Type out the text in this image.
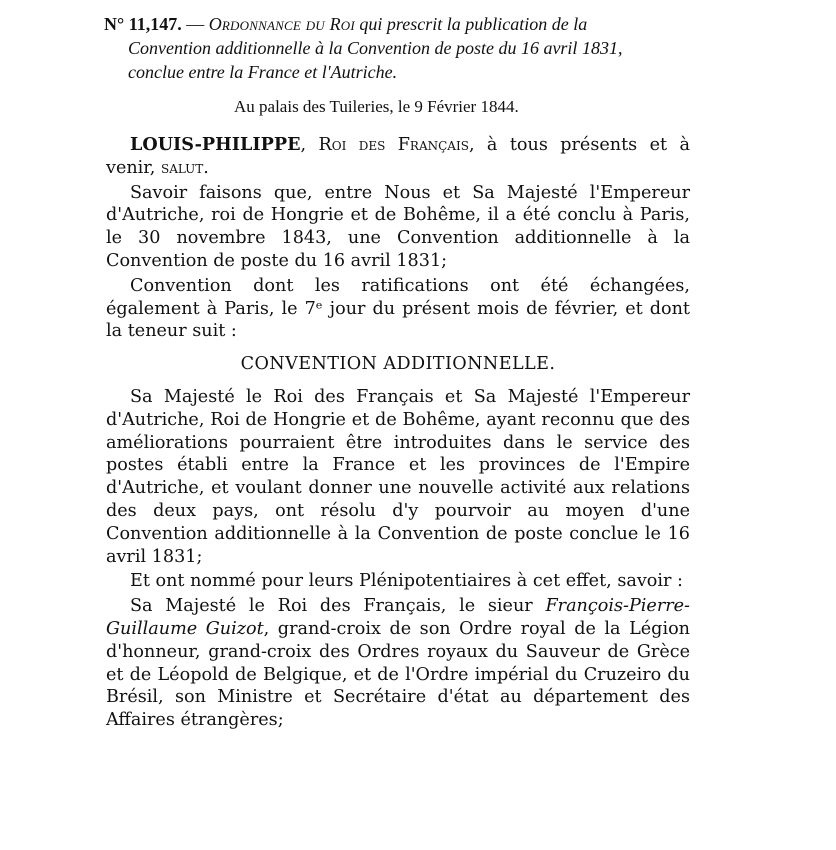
N° 11,147. — Ordonnance du Roi qui prescrit la publication de la
Convention additionnelle à la Convention de poste du 16 avril 1831,
conclue entre la France et l'Autriche.
Au palais des Tuileries, le 9 Février 1844.

LOUIS-PHILIPPE, Roi des Français, à tous présents et à venir, salut.

Savoir faisons que, entre Nous et Sa Majesté l'Empereur d'Autriche, roi de Hongrie et de Bohême, il a été conclu à Paris, le 30 novembre 1843, une Convention additionnelle à la Convention de poste du 16 avril 1831;

Convention dont les ratifications ont été échangées, également à Paris, le 7ᵉ jour du présent mois de février, et dont la teneur suit :

CONVENTION ADDITIONNELLE.

Sa Majesté le Roi des Français et Sa Majesté l'Empereur d'Autriche, Roi de Hongrie et de Bohême, ayant reconnu que des améliorations pourraient être introduites dans le service des postes établi entre la France et les provinces de l'Empire d'Autriche, et voulant donner une nouvelle activité aux relations des deux pays, ont résolu d'y pourvoir au moyen d'une Convention additionnelle à la Convention de poste conclue le 16 avril 1831;

Et ont nommé pour leurs Plénipotentiaires à cet effet, savoir :

Sa Majesté le Roi des Français, le sieur François-Pierre-Guillaume Guizot, grand-croix de son Ordre royal de la Légion d'honneur, grand-croix des Ordres royaux du Sauveur de Grèce et de Léopold de Belgique, et de l'Ordre impérial du Cruzeiro du Brésil, son Ministre et Secrétaire d'état au département des Affaires étrangères;
